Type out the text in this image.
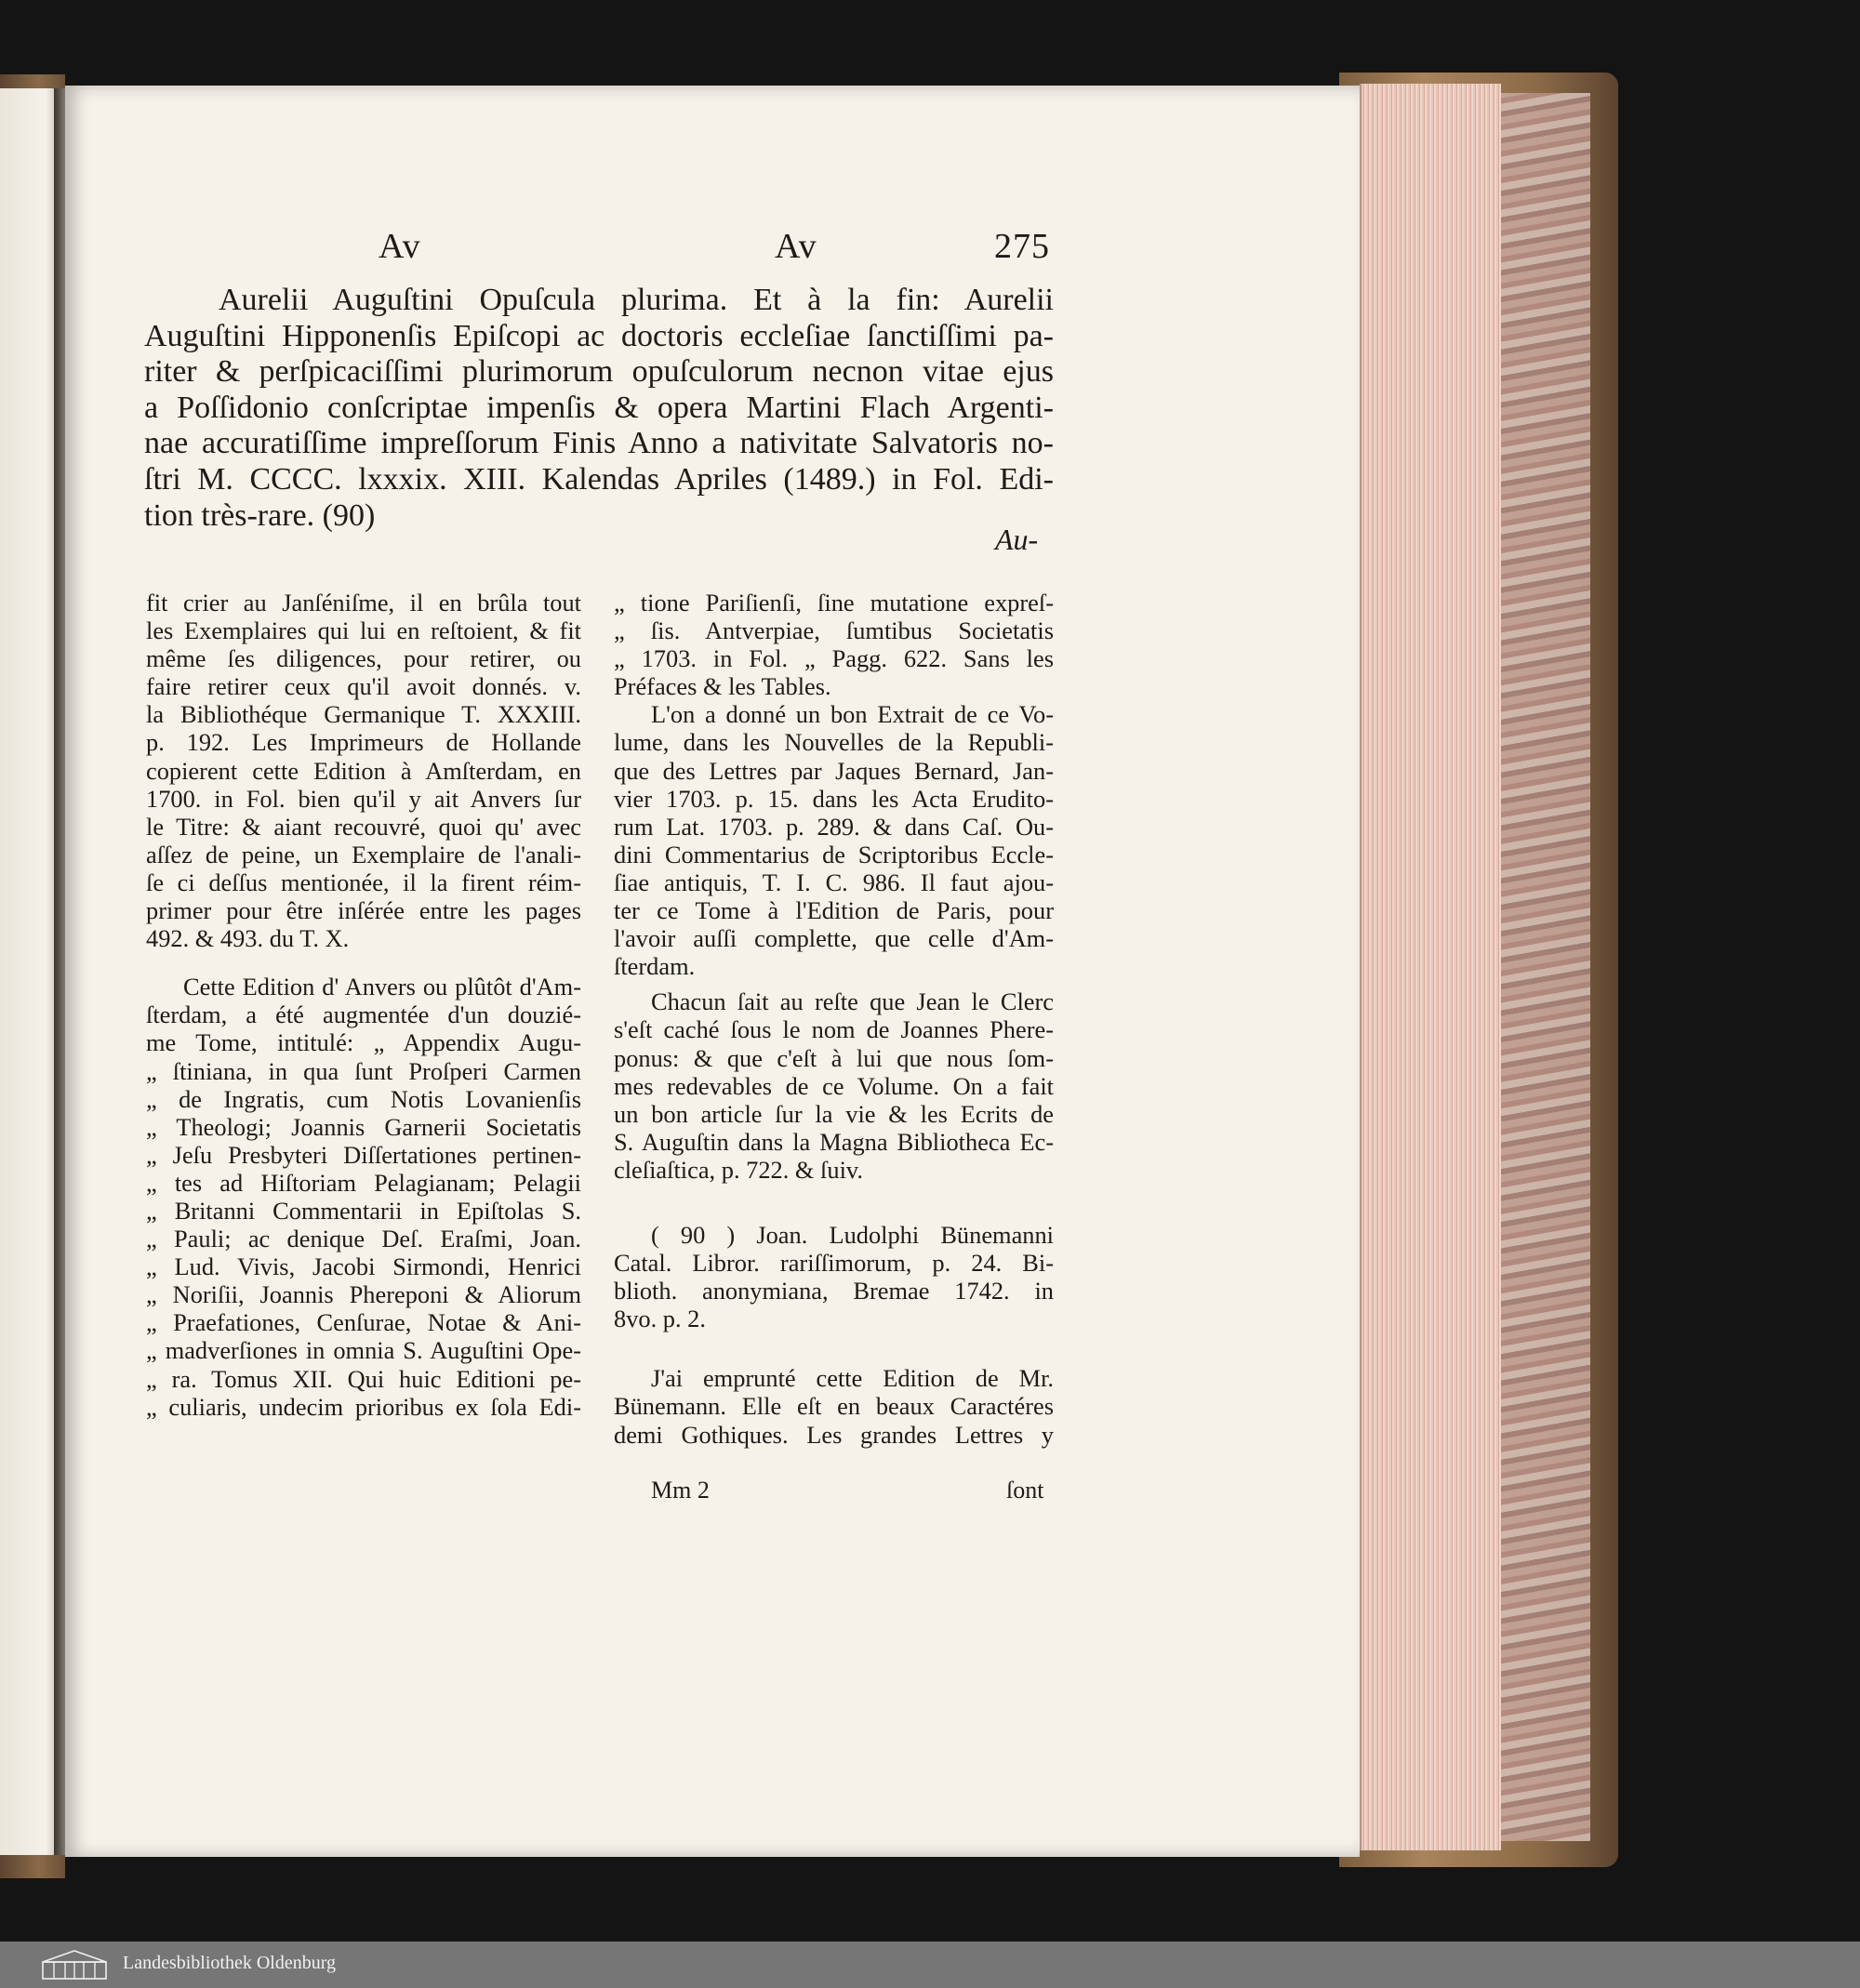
Av	Av	275
Aurelii Auguſtini Opuſcula plurima. Et à la fin: Aurelii
Auguſtini Hipponenſis Epiſcopi ac doctoris eccleſiae ſanctiſſimi pa-
riter & perſpicaciſſimi plurimorum opuſculorum necnon vitae ejus
a Poſſidonio conſcriptae impenſis & opera Martini Flach Argenti-
nae accuratiſſime impreſſorum Finis Anno a nativitate Salvatoris no-
ſtri M. CCCC. lxxxix. XIII. Kalendas Apriles (1489.) in Fol. Edi-
tion très-rare. (90)
Au-
fit crier au Janſéniſme, il en brûla tout
les Exemplaires qui lui en reſtoient, & fit
même ſes diligences, pour retirer, ou
faire retirer ceux qu'il avoit donnés. v.
la Bibliothéque Germanique T. XXXIII.
p. 192. Les Imprimeurs de Hollande
copierent cette Edition à Amſterdam, en
1700. in Fol. bien qu'il y ait Anvers ſur
le Titre: & aiant recouvré, quoi qu' avec
aſſez de peine, un Exemplaire de l'anali-
ſe ci deſſus mentionée, il la firent réim-
primer pour être inſérée entre les pages
492. & 493. du T. X.
Cette Edition d' Anvers ou plûtôt d'Am-
ſterdam, a été augmentée d'un douzié-
me Tome, intitulé: „ Appendix Augu-
„ ſtiniana, in qua ſunt Proſperi Carmen
„ de Ingratis, cum Notis Lovanienſis
„ Theologi; Joannis Garnerii Societatis
„ Jeſu Presbyteri Diſſertationes pertinen-
„ tes ad Hiſtoriam Pelagianam; Pelagii
„ Britanni Commentarii in Epiſtolas S.
„ Pauli; ac denique Deſ. Eraſmi, Joan.
„ Lud. Vivis, Jacobi Sirmondi, Henrici
„ Noriſii, Joannis Phereponi & Aliorum
„ Praefationes, Cenſurae, Notae & Ani-
„ madverſiones in omnia S. Auguſtini Ope-
„ ra. Tomus XII. Qui huic Editioni pe-
„ culiaris, undecim prioribus ex ſola Edi-
„ tione Pariſienſi, ſine mutatione expreſ-
„ ſis. Antverpiae, ſumtibus Societatis
„ 1703. in Fol. „ Pagg. 622. Sans les
Préfaces & les Tables.
L'on a donné un bon Extrait de ce Vo-
lume, dans les Nouvelles de la Republi-
que des Lettres par Jaques Bernard, Jan-
vier 1703. p. 15. dans les Acta Erudito-
rum Lat. 1703. p. 289. & dans Caſ. Ou-
dini Commentarius de Scriptoribus Eccle-
ſiae antiquis, T. I. C. 986. Il faut ajou-
ter ce Tome à l'Edition de Paris, pour
l'avoir auſſi complette, que celle d'Am-
ſterdam.
Chacun ſait au reſte que Jean le Clerc
s'eſt caché ſous le nom de Joannes Phere-
ponus: & que c'eſt à lui que nous ſom-
mes redevables de ce Volume. On a fait
un bon article ſur la vie & les Ecrits de
S. Auguſtin dans la Magna Bibliotheca Ec-
cleſiaſtica, p. 722. & ſuiv.
( 90 ) Joan. Ludolphi Bünemanni
Catal. Libror. rariſſimorum, p. 24. Bi-
blioth. anonymiana, Bremae 1742. in
8vo. p. 2.
J'ai emprunté cette Edition de Mr.
Bünemann. Elle eſt en beaux Caractéres
demi Gothiques. Les grandes Lettres y
Mm 2	ſont
Landesbibliothek Oldenburg
